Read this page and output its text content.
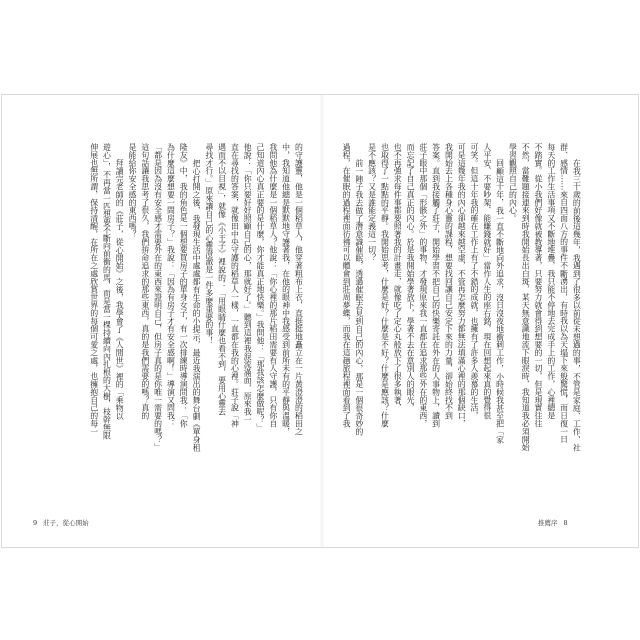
在我三十歲的前後這幾年，我遇到了很多以前從未想過的事，不管是家庭、工作、社
群、感情……來自四面八方的事件不斷湧出，有時我以為天塌下來般驚慌，而日復一日
每天的工作生活事項又不斷地堆疊，我只能不停地去完成手上的工作，心裡總是
不踏實。從小我們好像就被教導著，只要努力就會得到想要的一切，但是現實往往
不然，當難題接連來到時我開始長出白斑，某天無意識地流下眼淚時，我知道我必須開始
學習觀照自己的內心。
回顧這十年，我一直不斷地向外追求，沒日沒夜地衝刺工作，小時候我甚至把「家
人平安、不要吵架、能賺錢就好」當作人生的座右銘，現在回想起來真的覺得很
可笑。但這十年我的確在工作上有了不錯的成就，也擁有了許多人羨慕的生活，
可是這幾年我的內心卻越來越空虛，不管再怎麼努力都無法填滿心裡的那個缺口，
我開始去上各種身心靈的課程，想要找回讓自己安定下來的力量，卻始終找不到
答案。直到我接觸了莊子，開始學習不把自己的快樂寄託在外在的人事物上，讀到
莊子眼中那個「形骸之外」的事物，才發現原來我一直都在追求那些外在的東西，
而忘記了自己真正的內心。於是我開始學著放下，學著不去在意別人的眼光，
也不再強求每件事都要照著我的計畫走，就像吃了定心丸般放下了很多執著，
也取得了一點點的平靜。我開始思考，什麼是好？什麼是不好？什麼是應該？什麼
是不應該？又是誰能定義這一切？
前一陣子我去做了潛意識催眠，透過催眠去見到自己的內心，那是一個很奇妙的
過程，在催眠的過程裡面彷彿可以體會到莊周夢蝶，而我在這趟旅程裡面看到了我
的守護靈，他是一個稻草人，他穿著粗布上衣，直挺挺地矗立在一片黃澄澄的稻田之
中，我知道他總是默默地守護著我，在他的眼神中我感受到前所未有的平靜與溫暖，
我問他為什麼是一個稻草人？他說：「你心裡的那片稻田需要有人守護，只有你自
己知道內心真正要的是什麼，你才能真正地快樂。」我問他：「那我該怎麼做呢？」
他說：「你只要好好照顧自己的心，那就好了。」聽到這裡我淚流滿面，原來我一
直在尋找的答案，就像田中央守護的稻草人一樣，一直都在我的心裡。莊子說「神
遇而不以目視」，就像《小王子》裡說的：「用眼睛什麼也看不到，要用心靈去
尋找才行。」原來讓自己的心靈澄澈是一件多麼重要的事！
把心打開之後，我發現生活中處處都有生命的小提示，最近我演出的舞台劇《單身租
隆友》中，我的角色是一個想要買房子的單身女子，有一次排練時導演問我：「你
為什麼這麼想要一間房子？」我說：「因為有房子才有安全感啊！」導演又問我：
「都是因為沒有安全感才需要外在的東西來證明自己，但房子真的是你唯一需要的嗎？」
這句話讓我思考了很久，我們拚命追求的那些東西，真的是我們需要的嗎？真的
是能給你安全感的東西嗎？
拜讀完老師的《莊子，從心開始》之後，我學會了《人間世》裡的「乘物以
遊心」，不再當一匹想要不斷向前衝的馬，而是當一棵持續向內扎根的大樹，枝幹無限
伸展也無所謂，保持清醒，在所在之處欣賞世界的每個可愛之處，也擁抱自己的每一
9 莊子，從心開始	推薦序 8
